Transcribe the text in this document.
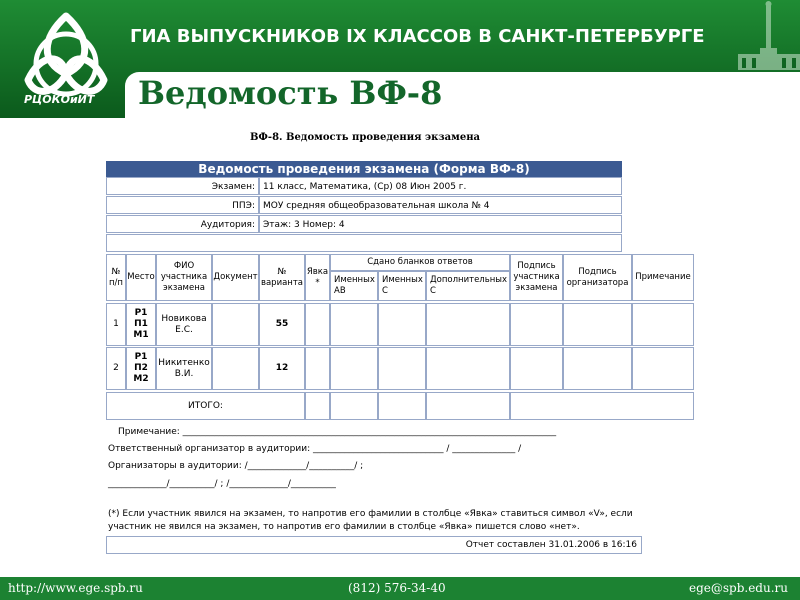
РЦОКОиИТ
ГИА ВЫПУСКНИКОВ IX КЛАССОВ В САНКТ-ПЕТЕРБУРГЕ
Ведомость ВФ-8
ВФ-8. Ведомость проведения экзамена
Ведомость проведения экзамена (Форма ВФ-8)
Экзамен: 11 класс, Математика, (Ср) 08 Июн 2005 г.
ППЭ: МОУ средняя общеобразовательная школа № 4
Аудитория: Этаж: 3 Номер: 4
№ п/п
Место
ФИО участника экзамена
Документ
№ варианта
Явка *
Сдано бланков ответов
Именных АВ
Именных С
Дополнительных С
Подпись участника экзамена
Подпись организатора
Примечание
1
Р1
П1
М1
Новикова Е.С.
55
2
Р1
П2
М2
Никитенко В.И.
12
ИТОГО:
Примечание: ___________________________________________________________________________________
Ответственный организатор в аудитории: _____________________________ / ______________ /
Организаторы в аудитории: /_____________/__________/ ;
_____________/__________/ ; /_____________/__________
(*) Если участник явился на экзамен, то напротив его фамилии в столбце «Явка» ставиться символ «V», если
участник не явился на экзамен, то напротив его фамилии в столбце «Явка» пишется слово «нет».
Отчет составлен 31.01.2006 в 16:16
http://www.ege.spb.ru	(812) 576-34-40	ege@spb.edu.ru
